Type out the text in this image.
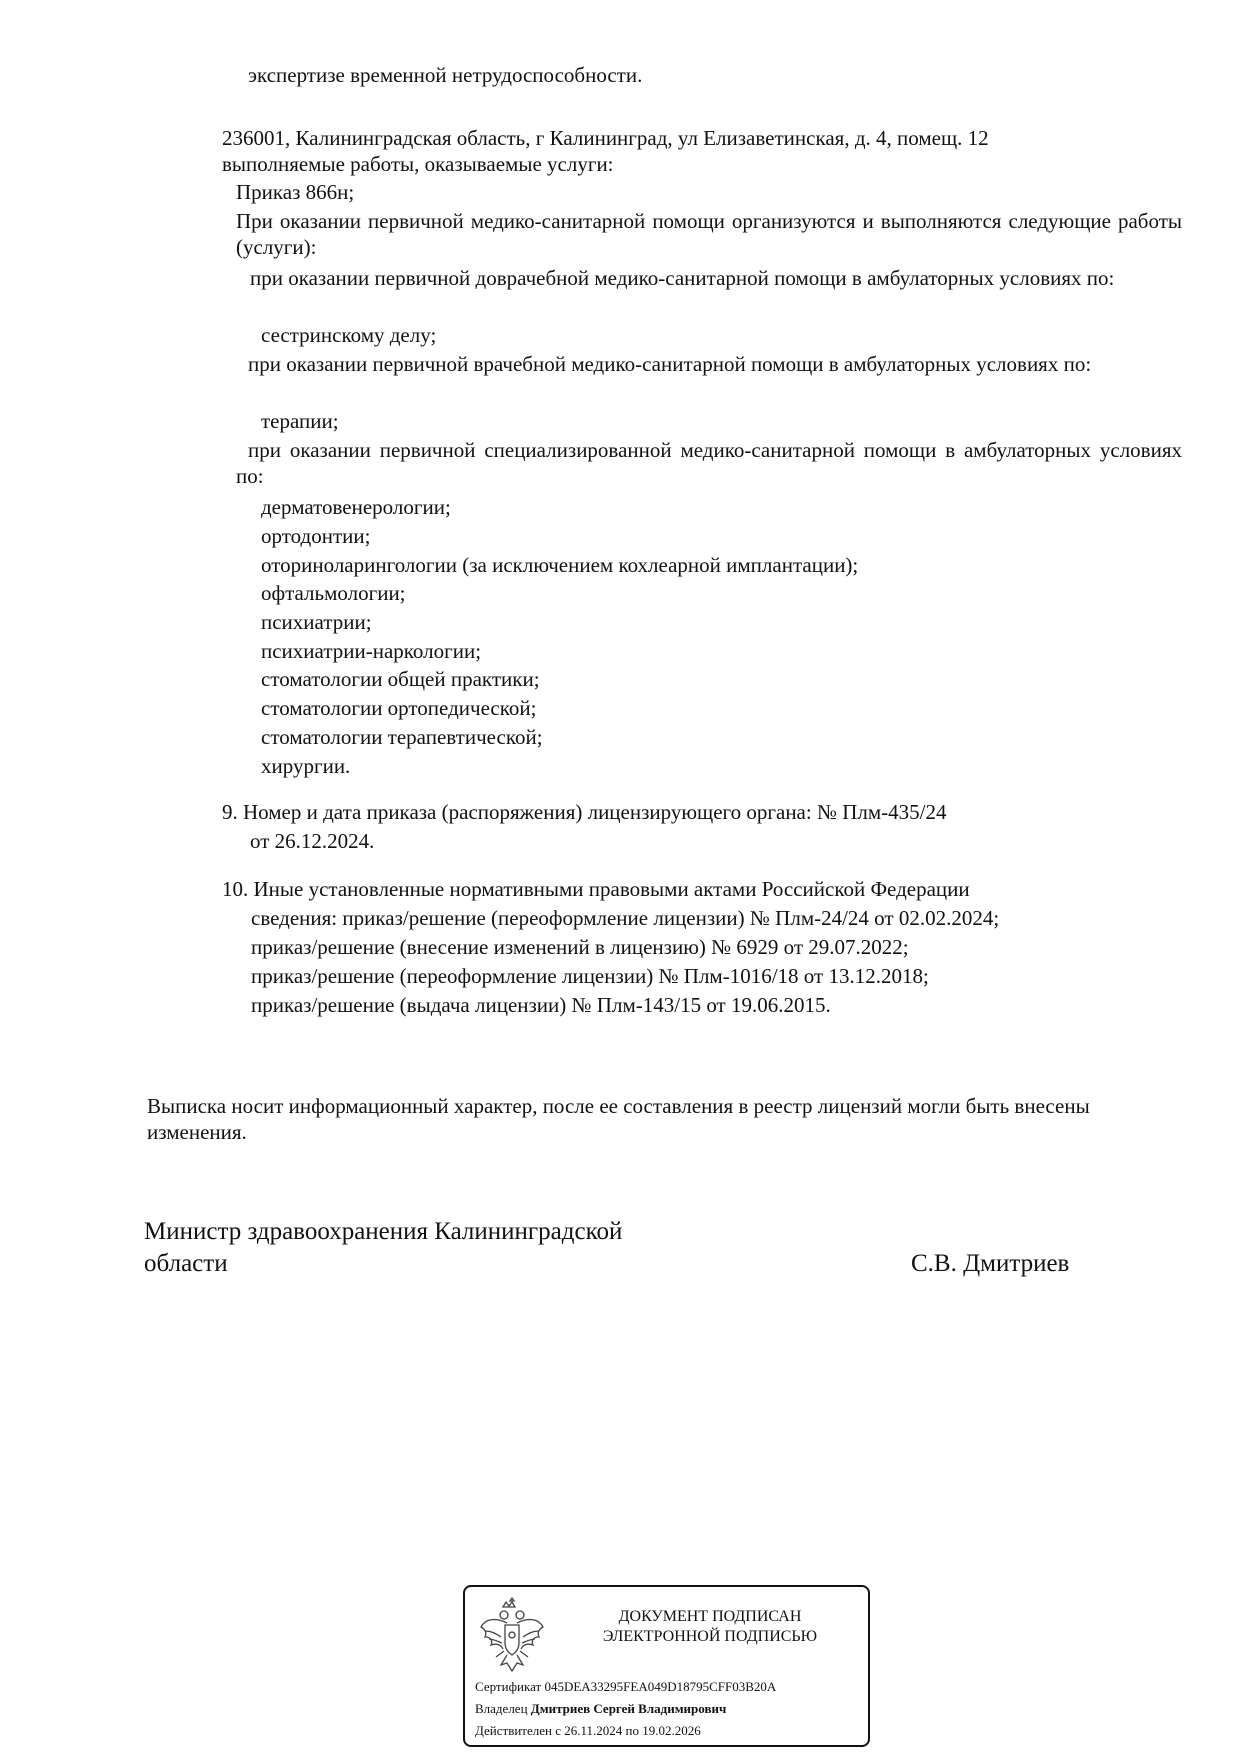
экспертизе временной нетрудоспособности.
236001, Калининградская область, г Калининград, ул Елизаветинская, д. 4, помещ. 12
выполняемые работы, оказываемые услуги:
Приказ 866н;
При оказании первичной медико-санитарной помощи организуются и выполняются следующие работы (услуги):
при оказании первичной доврачебной медико-санитарной помощи в амбулаторных условиях по:
сестринскому делу;
при оказании первичной врачебной медико-санитарной помощи в амбулаторных условиях по:
терапии;
при оказании первичной специализированной медико-санитарной помощи в амбулаторных условиях по:
дерматовенерологии;
ортодонтии;
оториноларингологии (за исключением кохлеарной имплантации);
офтальмологии;
психиатрии;
психиатрии-наркологии;
стоматологии общей практики;
стоматологии ортопедической;
стоматологии терапевтической;
хирургии.
9. Номер и дата приказа (распоряжения) лицензирующего органа: № Плм-435/24
от 26.12.2024.
10. Иные установленные нормативными правовыми актами Российской Федерации
сведения: приказ/решение (переоформление лицензии) № Плм-24/24 от 02.02.2024;
приказ/решение (внесение изменений в лицензию) № 6929 от 29.07.2022;
приказ/решение (переоформление лицензии) № Плм-1016/18 от 13.12.2018;
приказ/решение (выдача лицензии) № Плм-143/15 от 19.06.2015.
Выписка носит информационный характер, после ее составления в реестр лицензий могли быть внесены изменения.
Министр здравоохранения Калининградской
области	С.В. Дмитриев
ДОКУМЕНТ ПОДПИСАН
ЭЛЕКТРОННОЙ ПОДПИСЬЮ
Сертификат 045DEA33295FEA049D18795CFF03B20A
Владелец Дмитриев Сергей Владимирович
Действителен с 26.11.2024 по 19.02.2026
